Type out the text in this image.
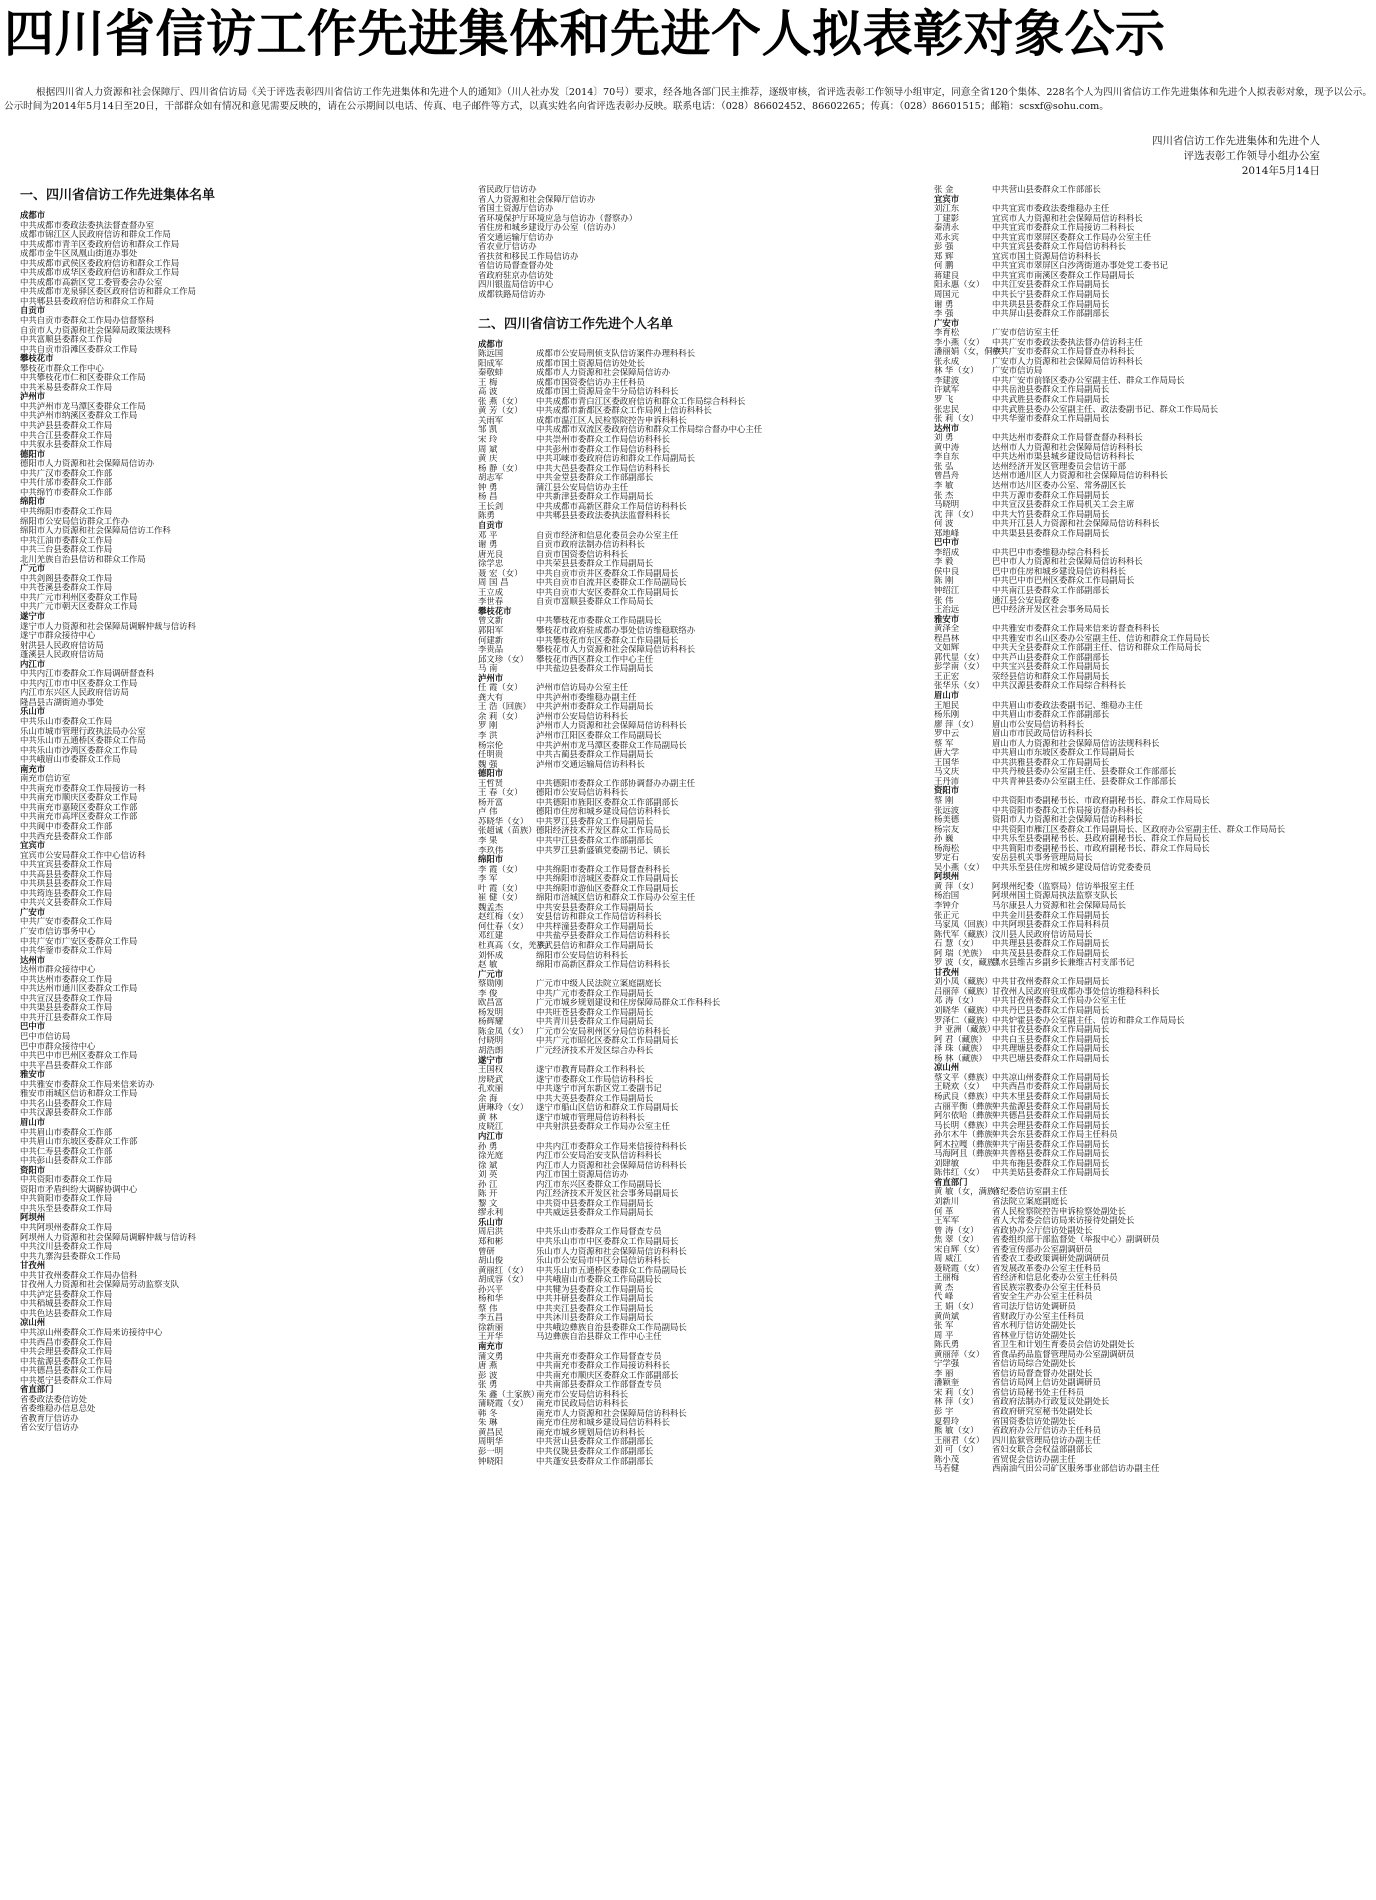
四川省信访工作先进集体和先进个人拟表彰对象公示

根据四川省人力资源和社会保障厅、四川省信访局《关于评选表彰四川省信访工作先进集体和先进个人的通知》（川人社办发〔2014〕70号）要求，经各地各部门民主推荐，逐级审核，省评选表彰工作领导小组审定，同意全省120个集体、228名个人为四川省信访工作先进集体和先进个人拟表彰对象，现予以公示。公示时间为2014年5月14日至20日，干部群众如有情况和意见需要反映的，请在公示期间以电话、传真、电子邮件等方式，以真实姓名向省评选表彰办反映。联系电话：（028）86602452、86602265；传真：（028）86601515；邮箱：scsxf@sohu.com。

四川省信访工作先进集体和先进个人
评选表彰工作领导小组办公室
2014年5月14日
一、四川省信访工作先进集体名单
成都市
中共成都市委政法委执法督查督办室
成都市锦江区人民政府信访和群众工作局
中共成都市青羊区委政府信访和群众工作局
成都市金牛区凤凰山街道办事处
中共成都市武侯区委政府信访和群众工作局
中共成都市成华区委政府信访和群众工作局
中共成都市高新区党工委管委会办公室
中共成都市龙泉驿区委区政府信访和群众工作局
中共郫县县委政府信访和群众工作局
自贡市
中共自贡市委群众工作局办信督察科
自贡市人力资源和社会保障局政策法规科
中共富顺县委群众工作局
中共自贡市沿滩区委群众工作局
攀枝花市
攀枝花市群众工作中心
中共攀枝花市仁和区委群众工作局
中共米易县委群众工作局
泸州市
中共泸州市龙马潭区委群众工作局
中共泸州市纳溪区委群众工作局
中共泸县县委群众工作局
中共合江县委群众工作局
中共叙永县委群众工作局
德阳市
德阳市人力资源和社会保障局信访办
中共广汉市委群众工作部
中共什邡市委群众工作部
中共绵竹市委群众工作部
绵阳市
中共绵阳市委群众工作局
绵阳市公安局信访群众工作办
绵阳市人力资源和社会保障局信访工作科
中共江油市委群众工作局
中共三台县委群众工作局
北川羌族自治县信访和群众工作局
广元市
中共剑阁县委群众工作局
中共苍溪县委群众工作局
中共广元市利州区委群众工作局
中共广元市朝天区委群众工作局
遂宁市
遂宁市人力资源和社会保障局调解仲裁与信访科
遂宁市群众接待中心
射洪县人民政府信访局
蓬溪县人民政府信访局
内江市
中共内江市委群众工作局调研督查科
中共内江市市中区委群众工作局
内江市东兴区人民政府信访局
隆昌县古湖街道办事处
乐山市
中共乐山市委群众工作局
乐山市城市管理行政执法局办公室
中共乐山市五通桥区委群众工作局
中共乐山市沙湾区委群众工作局
中共峨眉山市委群众工作局
南充市
南充市信访室
中共南充市委群众工作局接访一科
中共南充市顺庆区委群众工作局
中共南充市嘉陵区委群众工作部
中共南充市高坪区委群众工作部
中共阆中市委群众工作部
中共西充县委群众工作部
宜宾市
宜宾市公安局群众工作中心信访科
中共宜宾县委群众工作局
中共高县县委群众工作局
中共珙县县委群众工作局
中共筠连县委群众工作局
中共兴文县委群众工作局
广安市
中共广安市委群众工作局
广安市信访事务中心
中共广安市广安区委群众工作局
中共华蓥市委群众工作局
达州市
达州市群众接待中心
中共达州市委群众工作局
中共达州市通川区委群众工作局
中共宣汉县委群众工作局
中共渠县县委群众工作局
中共开江县委群众工作局
巴中市
巴中市信访局
巴中市群众接待中心
中共巴中市巴州区委群众工作局
中共平昌县委群众工作部
雅安市
中共雅安市委群众工作局来信来访办
雅安市雨城区信访和群众工作局
中共名山县委群众工作局
中共汉源县委群众工作部
眉山市
中共眉山市委群众工作部
中共眉山市东坡区委群众工作部
中共仁寿县委群众工作部
中共彭山县委群众工作部
资阳市
中共资阳市委群众工作局
资阳市矛盾纠纷大调解协调中心
中共简阳市委群众工作局
中共乐至县委群众工作局
阿坝州
中共阿坝州委群众工作局
阿坝州人力资源和社会保障局调解仲裁与信访科
中共汶川县委群众工作局
中共九寨沟县委群众工作局
甘孜州
中共甘孜州委群众工作局办信科
甘孜州人力资源和社会保障局劳动监察支队
中共泸定县委群众工作局
中共稻城县委群众工作局
中共色达县委群众工作局
凉山州
中共凉山州委群众工作局来访接待中心
中共西昌市委群众工作局
中共会理县委群众工作局
中共盐源县委群众工作局
中共德昌县委群众工作局
中共冕宁县委群众工作局
省直部门
省委政法委信访处
省委维稳办信息总处
省教育厅信访办
省公安厅信访办
省民政厅信访办
省人力资源和社会保障厅信访办
省国土资源厅信访办
省环境保护厅环境应急与信访办（督察办）
省住房和城乡建设厅办公室（信访办）
省交通运输厅信访办
省农业厅信访办
省扶贫和移民工作局信访办
省信访局督查督办处
省政府驻京办信访处
四川银监局信访中心
成都铁路局信访办
二、四川省信访工作先进个人名单
成都市
陈远国	成都市公安局刑侦支队信访案件办理科科长
阳成军	成都市国土资源局信访处处长
秦敬蚌	成都市人力资源和社会保障局信访办
王 梅	成都市国资委信访办主任科员
高 波	成都市国土资源局金牛分局信访科科长
张 燕（女） 中共成都市青白江区委政府信访和群众工作局综合科科长
黄 芳（女） 中共成都市新都区委群众工作局网上信访科科长
关雨军	成都市温江区人民检察院控告申诉科科长
邹 凯	中共成都市双流区委政府信访和群众工作局综合督办中心主任
宋 玲	中共崇州市委群众工作局信访科科长
周 斌	中共彭州市委群众工作局信访科科长
黄 庆	中共邛崃市委政府信访和群众工作局副局长
杨 静（女） 中共大邑县委群众工作局信访科科长
胡志军	中共金堂县委群众工作部副部长
钟 勇	蒲江县公安局信访办主任
杨 昌	中共新津县委群众工作局副局长
王长剑	中共成都市高新区群众工作局信访科科长
陈勇	中共郫县县委政法委执法监督科科长
自贡市
邓 平	自贡市经济和信息化委员会办公室主任
谢 勇	自贡市政府法制办信访科科长
唐光良	自贡市国资委信访科科长
徐学忠	中共荣县县委群众工作局副局长
聂 宏（女） 中共自贡市贡井区委群众工作局副局长
周 国 昌	中共自贡市自流井区委群众工作局副局长
王立成	中共自贡市大安区委群众工作局副局长
李世春	自贡市富顺县委群众工作局局长
攀枝花市
曾文新	中共攀枝花市委群众工作局副局长
郭阳军	攀枝花市政府驻成都办事处信访维稳联络办
何建新	中共攀枝花市东区委群众工作局副局长
李贵品	攀枝花市人力资源和社会保障局信访科科长
邱文珍（女） 攀枝花市西区群众工作中心主任
马 南	中共盐边县委群众工作局副局长
泸州市
任 霞（女） 泸州市信访局办公室主任
龚大有	中共泸州市委维稳办副主任
王 浩（回族） 中共泸州市委群众工作局副局长
余 莉（女） 泸州市公安局信访科科长
罗 刚	泸州市人力资源和社会保障局信访科科长
李 洪	泸州市江阳区委群众工作局副局长
杨宗伦	中共泸州市龙马潭区委群众工作局副局长
任明贵	中共古蔺县委群众工作局副局长
魏 强	泸州市交通运输局信访科科长
德阳市
王哲贤	中共德阳市委群众工作部协调督办办副主任
王 春（女） 德阳市公安局信访科科长
杨开富	中共德阳市旌阳区委群众工作部副部长
卢 伟	德阳市住房和城乡建设局信访科科长
苏晓华（女） 中共罗江县委群众工作局副局长
张超诚（苗族）德阳经济技术开发区群众工作局局长
李 果	中共中江县委群众工作部副部长
李玖伟	中共罗江县新盛镇党委副书记、镇长
绵阳市
李 霞（女） 中共绵阳市委群众工作局督查科科长
李 军	中共绵阳市涪城区委群众工作局副局长
叶 霞（女） 中共绵阳市游仙区委群众工作局副局长
崔 健（女） 绵阳市涪城区信访和群众工作局办公室主任
魏孟杰	中共安县县委群众工作局副局长
赵红梅（女） 安县信访和群众工作局信访科科长
何仕春（女） 中共梓潼县委群众工作局副局长
邓红建	中共盐亭县委群众工作局信访科科长
杜真高（女，羌族）平武县信访和群众工作局副局长
刘怀成	绵阳市公安局信访科科长
赵 敏	绵阳市高新区群众工作局信访科科长
广元市
蔡勋刚	广元市中级人民法院立案庭副庭长
李 俊	中共广元市委群众工作局副局长
欧昌富	广元市城乡规划建设和住房保障局群众工作科科长
杨发明	中共旺苍县委群众工作局副局长
杨辉耀	中共青川县委群众工作局副局长
陈金凤（女） 广元市公安局利州区分局信访科科长
付晓明	中共广元市昭化区委群众工作局副局长
胡浩朗	广元经济技术开发区综合办科长
遂宁市
王国权	遂宁市教育局群众工作科科长
房晓武	遂宁市委群众工作局信访科科长
孔欢丽	中共遂宁市河东新区党工委副书记
余 海	中共大英县委群众工作局副局长
唐琳玲（女） 遂宁市船山区信访和群众工作局副局长
黄 林	遂宁市城市管理局信访科科长
皮晓江	中共射洪县委群众工作局办公室主任
内江市
孙 勇	中共内江市委群众工作局来信接待科科长
徐光庭	内江市公安局治安支队信访科科长
徐 斌	内江市人力资源和社会保障局信访科科长
刘 英	内江市国土资源局信访办
孙 江	内江市东兴区委群众工作局副局长
陈 开	内江经济技术开发区社会事务局副局长
黎 文	中共资中县委群众工作局副局长
缪永利	中共威远县委群众工作局副局长
乐山市
周启洪	中共乐山市委群众工作局督查专员
郑和彬	中共乐山市市中区委群众工作局副局长
曾研	乐山市人力资源和社会保障局信访科科长
胡山俊	乐山市公安局市中区分局信访科科长
黄丽红（女） 中共乐山市五通桥区委群众工作局副局长
胡成容（女） 中共峨眉山市委群众工作局副局长
孙兴平	中共犍为县委群众工作局副局长
杨和华	中共井研县委群众工作局副局长
蔡 伟	中共夹江县委群众工作局副局长
李五昌	中共沐川县委群众工作局副局长
徐新丽	中共峨边彝族自治县委群众工作局副局长
王开华	马边彝族自治县群众工作中心主任
南充市
蒲文勇	中共南充市委群众工作局督查专员
唐 燕	中共南充市委群众工作局接访科科长
彭 波	中共南充市顺庆区委群众工作部副部长
张 勇	中共南部县委群众工作部督查专员
朱 鑫（土家族）南充市公安局信访科科长
蒲晓霞（女） 南充市民政局信访科科长
韩 冬	南充市人力资源和社会保障局信访科科长
朱 琳	南充市住房和城乡建设局信访科科长
黄昌民	南充市城乡规划局信访科科长
周明华	中共营山县委群众工作部副部长
彭一明	中共仪陇县委群众工作部副部长
钟晓阳	中共蓬安县委群众工作部副部长
张 金	中共营山县委群众工作部部长
宜宾市
刘江东	中共宜宾市委政法委维稳办主任
丁建影	宜宾市人力资源和社会保障局信访科科长
秦清永	中共宜宾市委群众工作局接访二科科长
邓永宾	中共宜宾市翠屏区委群众工作局办公室主任
彭 强	中共宜宾县委群众工作局信访科科长
郑 辉	宜宾市国土资源局信访科科长
何 鹏	中共宜宾市翠屏区白沙湾街道办事处党工委书记
蒋建良	中共宜宾市南溪区委群众工作局副局长
阳永惠（女） 中共江安县委群众工作局副局长
周国元	中共长宁县委群众工作局副局长
谢 勇	中共珙县县委群众工作局副局长
李 强	中共屏山县委群众工作部副部长
广安市
李育松	广安市信访室主任
李小燕（女） 中共广安市委政法委执法督办信访科主任
潘丽娟（女，侗族）中共广安市委群众工作局督查办科科长
张永成	广安市人力资源和社会保障局信访科科长
林 华（女） 广安市信访局
李建波	中共广安市前锋区委办公室副主任、群众工作局局长
许斌军	中共岳池县委群众工作局副局长
罗 飞	中共武胜县委群众工作局副局长
张忠民	中共武胜县委办公室副主任、政法委副书记、群众工作局局长
张 莉（女） 中共华蓥市委群众工作局副局长
达州市
刘 勇	中共达州市委群众工作局督查督办科科长
黄中涛	达州市人力资源和社会保障局信访科科长
李自东	中共达州市渠县城乡建设局信访科科长
张 弘	达州经济开发区管理委员会信访干部
曾昌舟	达州市通川区人力资源和社会保障局信访科科长
李 敏	达州市达川区委办公室、常务副区长
张 杰	中共万源市委群众工作局副局长
马晓明	中共宣汉县委群众工作局机关工会主席
沈 萍（女） 中共大竹县委群众工作局副局长
何 波	中共开江县人力资源和社会保障局信访科科长
郑地峰	中共渠县县委群众工作局副局长
巴中市
李绍成	中共巴中市委维稳办综合科科长
李 毅	巴中市人力资源和社会保障局信访科科长
侯中良	巴中市住房和城乡建设局信访科科长
陈 刚	中共巴中市巴州区委群众工作局副局长
钟绍江	中共南江县委群众工作部副部长
张 伟	通江县公安局政委
王治远	巴中经济开发区社会事务局局长
雅安市
黄泽全	中共雅安市委群众工作局来信来访督查科科长
程昌林	中共雅安市名山区委办公室副主任、信访和群众工作局局长
文如辉	中共天全县委群众工作部副主任、信访和群众工作局局长
郭代显（女） 中共芦山县委群众工作部副部长
彭学南（女） 中共宝兴县委群众工作局副局长
王正宏	荥经县信访和群众工作局副局长
张华乐（女） 中共汉源县委群众工作局综合科科长
眉山市
王旭民	中共眉山市委政法委副书记、维稳办主任
杨乐刚	中共眉山市委群众工作部副部长
廖 萍（女） 眉山市公安局信访科科长
罗中云	眉山市市民政局信访科科长
蔡 军	眉山市人力资源和社会保障局信访法规科科长
唐大学	中共眉山市东坡区委群众工作局副局长
王国华	中共洪雅县委群众工作局副局长
马文庆	中共丹棱县委办公室副主任、县委群众工作部部长
王丹沛	中共青神县委办公室副主任、县委群众工作部部长
资阳市
蔡 刚	中共资阳市委副秘书长、市政府副秘书长、群众工作局局长
张远波	中共资阳市委群众工作局接访督办科科长
杨美德	资阳市人力资源和社会保障局信访科科长
杨宗友	中共资阳市雁江区委群众工作局副局长、区政府办公室副主任、群众工作局局长
孙 巍	中共乐至县委副秘书长、县政府副秘书长、群众工作局局长
杨海松	中共简阳市委副秘书长、市政府副秘书长、群众工作局局长
罗定石	安岳县机关事务管理局局长
吴小燕（女） 中共乐至县住房和城乡建设局信访党委委员
阿坝州
黄 萍（女） 阿坝州纪委（监察局）信访举报室主任
杨治国	阿坝州国土资源局执法监察支队长
李钟介	马尔康县人力资源和社会保障局局长
张正元	中共金川县委群众工作局副局长
马家凤（回族）中共阿坝县委群众工作局科科员
陈代军（藏族）汶川县人民政府信访局局长
石 慧（女） 中共理县县委群众工作局副局长
阿 瑞（羌族） 中共茂县县委群众工作局副局长
罗 波（女，藏族）黑水县维古乡副乡长兼维古村支部书记
甘孜州
刘小凤（藏族）中共甘孜州委群众工作局副局长
吕丽萍（藏族）甘孜州人民政府驻成都办事处信访维稳科科长
邓 涛（女） 中共甘孜州委群众工作局办公室主任
刘晓华（藏族）中共丹巴县委群众工作局副局长
罗泽仁（藏族）中共炉霍县委办公室副主任、信访和群众工作局局长
尹 亚洲（藏族）中共甘孜县委群众工作局副局长
阿 君（藏族） 中共白玉县委群众工作局副局长
泽 珠（藏族） 中共理塘县委群众工作局副局长
杨 林（藏族） 中共巴塘县委群众工作局副局长
凉山州
蔡文平（彝族）中共凉山州委群众工作局副局长
王晓欢（女） 中共西昌市委群众工作局副局长
杨武良（彝族）中共木里县委群众工作局副局长
古丽平衡（彝族）中共盐源县委群众工作局副局长
阿尔依哈（彝族）中共德昌县委群众工作局副局长
马长明（彝族）中共会理县委群众工作局副局长
孙尔木牛（彝族）中共会东县委群众工作局主任科员
阿木拉嘎（彝族）中共宁南县委群众工作局副局长
马海阿且（彝族）中共普格县委群众工作局副局长
刘肆敏	中共布拖县委群众工作局副局长
陈伟红（女） 中共美姑县委群众工作局副局长
省直部门
黄 敏（女，满族）省纪委信访室副主任
刘新川	省法院立案庭副庭长
何 革	省人民检察院控告申诉检察处副处长
王军军	省人大常委会信访局来访接待处副处长
曾 涛（女） 省政协办公厅信访处副处长
焦 翠（女） 省委组织部干部监督处（举报中心）副调研员
宋自辉（女） 省委宣传部办公室副调研员
周 威江	省委农工委政策调研处副调研员
聂晓霞（女） 省发展改革委办公室主任科员
王丽梅	省经济和信息化委办公室主任科员
黄 杰	省民族宗教委办公室主任科员
代 峰	省安全生产办公室主任科员
王 娟（女） 省司法厅信访处调研员
黄尚斌	省财政厅办公室主任科员
张 军	省水利厅信访处副处长
周 平	省林业厅信访处副处长
陈氏勇	省卫生和计划生育委员会信访处副处长
黄丽萍（女） 省食品药品监督管理局办公室副调研员
宁学强	省信访局综合处副处长
李 丽	省信访局督查督办处副处长
潘颖奎	省信访局网上信访处副调研员
宋 莉（女） 省信访局秘书处主任科员
林 萍（女） 省政府法制办行政复议处副处长
彭 宇	省政府研究室秘书处副处长
夏碧玲	省国资委信访处副处长
熊 敏（女） 省政府办公厅信访办主任科员
王丽君（女） 四川监狱管理局信访办副主任
刘 可（女） 省妇女联合会权益部副部长
陈小茂	省贸促会信访办副主任
马若健	西南油气田公司矿区服务事业部信访办副主任
